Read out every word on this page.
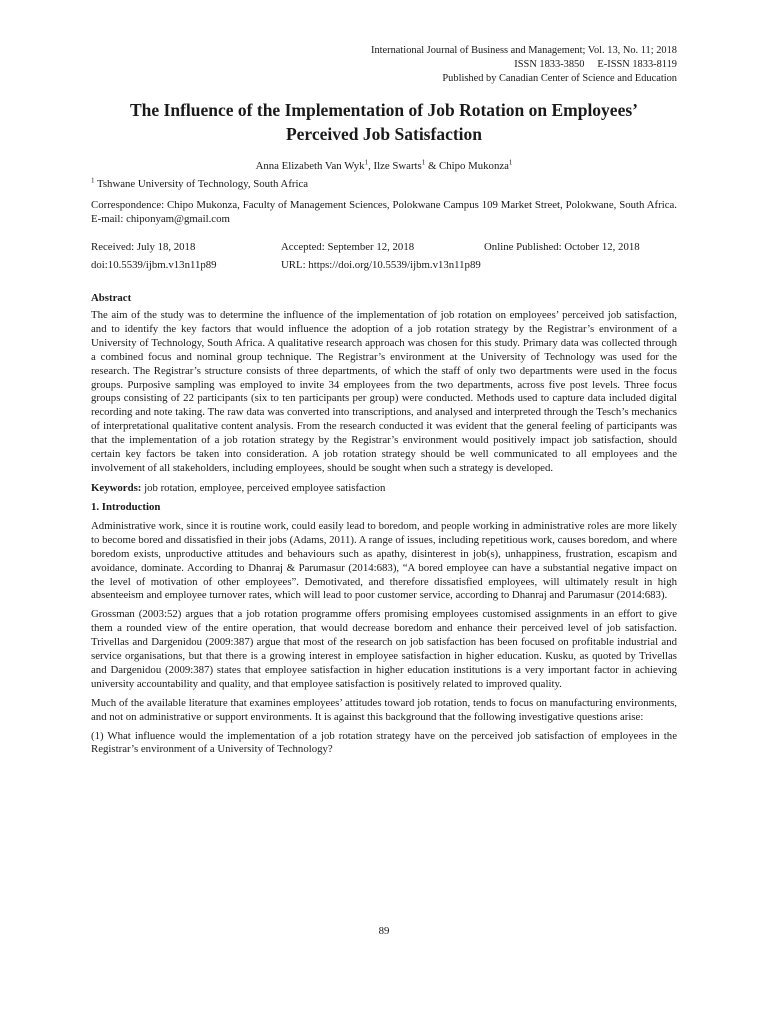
International Journal of Business and Management; Vol. 13, No. 11; 2018
ISSN 1833-3850     E-ISSN 1833-8119
Published by Canadian Center of Science and Education
The Influence of the Implementation of Job Rotation on Employees’
Perceived Job Satisfaction
Anna Elizabeth Van Wyk$^1$, Ilze Swarts$^1$ & Chipo Mukonza$^1$
$^1$ Tshwane University of Technology, South Africa
Correspondence: Chipo Mukonza, Faculty of Management Sciences, Polokwane Campus 109 Market Street, Polokwane, South Africa. E-mail: chiponyam@gmail.com
Received: July 18, 2018	Accepted: September 12, 2018	Online Published: October 12, 2018
doi:10.5539/ijbm.v13n11p89	URL: https://doi.org/10.5539/ijbm.v13n11p89
Abstract

The aim of the study was to determine the influence of the implementation of job rotation on employees’ perceived job satisfaction, and to identify the key factors that would influence the adoption of a job rotation strategy by the Registrar’s environment of a University of Technology, South Africa. A qualitative research approach was chosen for this study. Primary data was collected through a combined focus and nominal group technique. The Registrar’s environment at the University of Technology was used for the research. The Registrar’s structure consists of three departments, of which the staff of only two departments were used in the focus groups. Purposive sampling was employed to invite 34 employees from the two departments, across five post levels. Three focus groups consisting of 22 participants (six to ten participants per group) were conducted. Methods used to capture data included digital recording and note taking. The raw data was converted into transcriptions, and analysed and interpreted through the Tesch’s mechanics of interpretational qualitative content analysis. From the research conducted it was evident that the general feeling of participants was that the implementation of a job rotation strategy by the Registrar’s environment would positively impact job satisfaction, should certain key factors be taken into consideration. A job rotation strategy should be well communicated to all employees and the involvement of all stakeholders, including employees, should be sought when such a strategy is developed.

Keywords: job rotation, employee, perceived employee satisfaction
1. Introduction

Administrative work, since it is routine work, could easily lead to boredom, and people working in administrative roles are more likely to become bored and dissatisfied in their jobs (Adams, 2011). A range of issues, including repetitious work, causes boredom, and where boredom exists, unproductive attitudes and behaviours such as apathy, disinterest in job(s), unhappiness, frustration, escapism and avoidance, dominate. According to Dhanraj & Parumasur (2014:683), “A bored employee can have a substantial negative impact on the level of motivation of other employees”. Demotivated, and therefore dissatisfied employees, will ultimately result in high absenteeism and employee turnover rates, which will lead to poor customer service, according to Dhanraj and Parumasur (2014:683).

Grossman (2003:52) argues that a job rotation programme offers promising employees customised assignments in an effort to give them a rounded view of the entire operation, that would decrease boredom and enhance their perceived level of job satisfaction. Trivellas and Dargenidou (2009:387) argue that most of the research on job satisfaction has been focused on profitable industrial and service organisations, but that there is a growing interest in employee satisfaction in higher education. Kusku, as quoted by Trivellas and Dargenidou (2009:387) states that employee satisfaction in higher education institutions is a very important factor in achieving university accountability and quality, and that employee satisfaction is positively related to improved quality.

Much of the available literature that examines employees’ attitudes toward job rotation, tends to focus on manufacturing environments, and not on administrative or support environments. It is against this background that the following investigative questions arise:

(1) What influence would the implementation of a job rotation strategy have on the perceived job satisfaction of employees in the Registrar’s environment of a University of Technology?

89
